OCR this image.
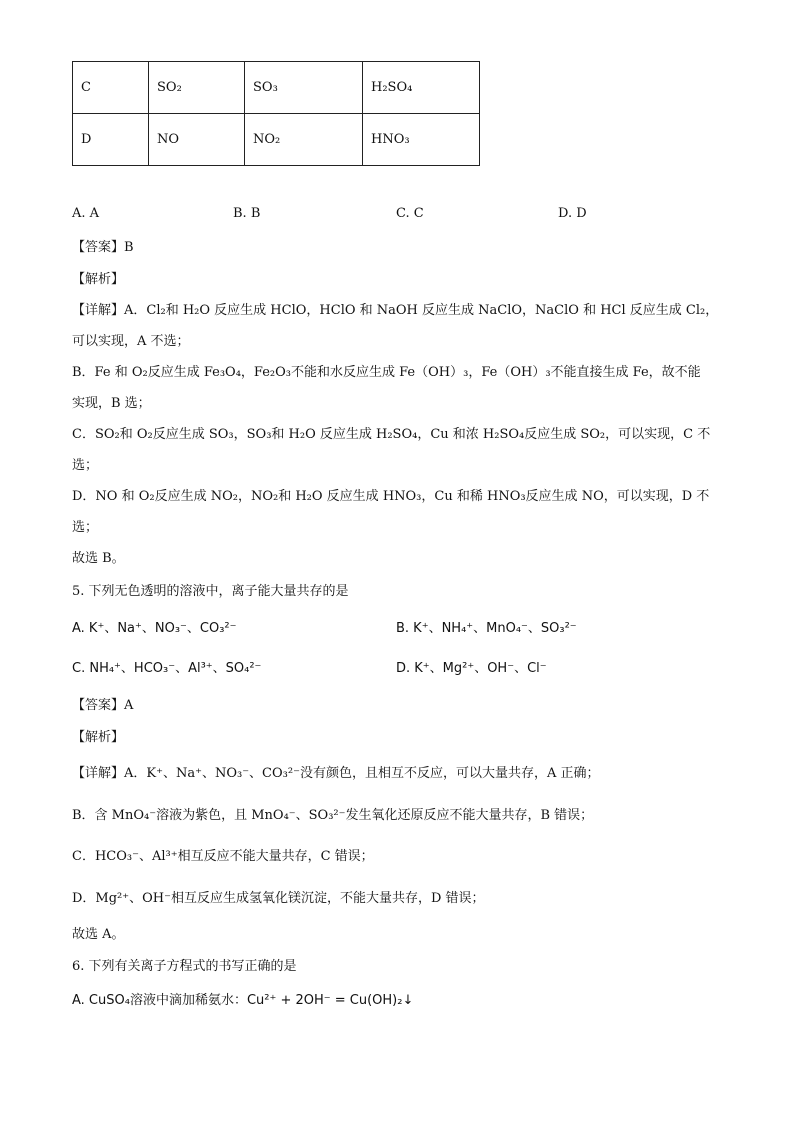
C	SO₂	SO₃	H₂SO₄
D	NO	NO₂	HNO₃
A. A	B. B	C. C	D. D
【答案】B
【解析】
【详解】A．Cl₂和 H₂O 反应生成 HClO，HClO 和 NaOH 反应生成 NaClO，NaClO 和 HCl 反应生成 Cl₂，
可以实现，A 不选；
B．Fe 和 O₂反应生成 Fe₃O₄，Fe₂O₃不能和水反应生成 Fe（OH）₃，Fe（OH）₃不能直接生成 Fe，故不能
实现，B 选；
C．SO₂和 O₂反应生成 SO₃，SO₃和 H₂O 反应生成 H₂SO₄，Cu 和浓 H₂SO₄反应生成 SO₂，可以实现，C 不
选；
D．NO 和 O₂反应生成 NO₂，NO₂和 H₂O 反应生成 HNO₃，Cu 和稀 HNO₃反应生成 NO，可以实现，D 不
选；
故选 B。
5. 下列无色透明的溶液中，离子能大量共存的是
A. K⁺、Na⁺、NO₃⁻、CO₃²⁻	B. K⁺、NH₄⁺、MnO₄⁻、SO₃²⁻
C. NH₄⁺、HCO₃⁻、Al³⁺、SO₄²⁻	D. K⁺、Mg²⁺、OH⁻、Cl⁻
【答案】A
【解析】
【详解】A．K⁺、Na⁺、NO₃⁻、CO₃²⁻没有颜色，且相互不反应，可以大量共存，A 正确；
B．含 MnO₄⁻溶液为紫色，且 MnO₄⁻、SO₃²⁻发生氧化还原反应不能大量共存，B 错误；
C．HCO₃⁻、Al³⁺相互反应不能大量共存，C 错误；
D．Mg²⁺、OH⁻相互反应生成氢氧化镁沉淀，不能大量共存，D 错误；
故选 A。
6. 下列有关离子方程式的书写正确的是
A. CuSO₄溶液中滴加稀氨水：Cu²⁺ + 2OH⁻ = Cu(OH)₂↓
